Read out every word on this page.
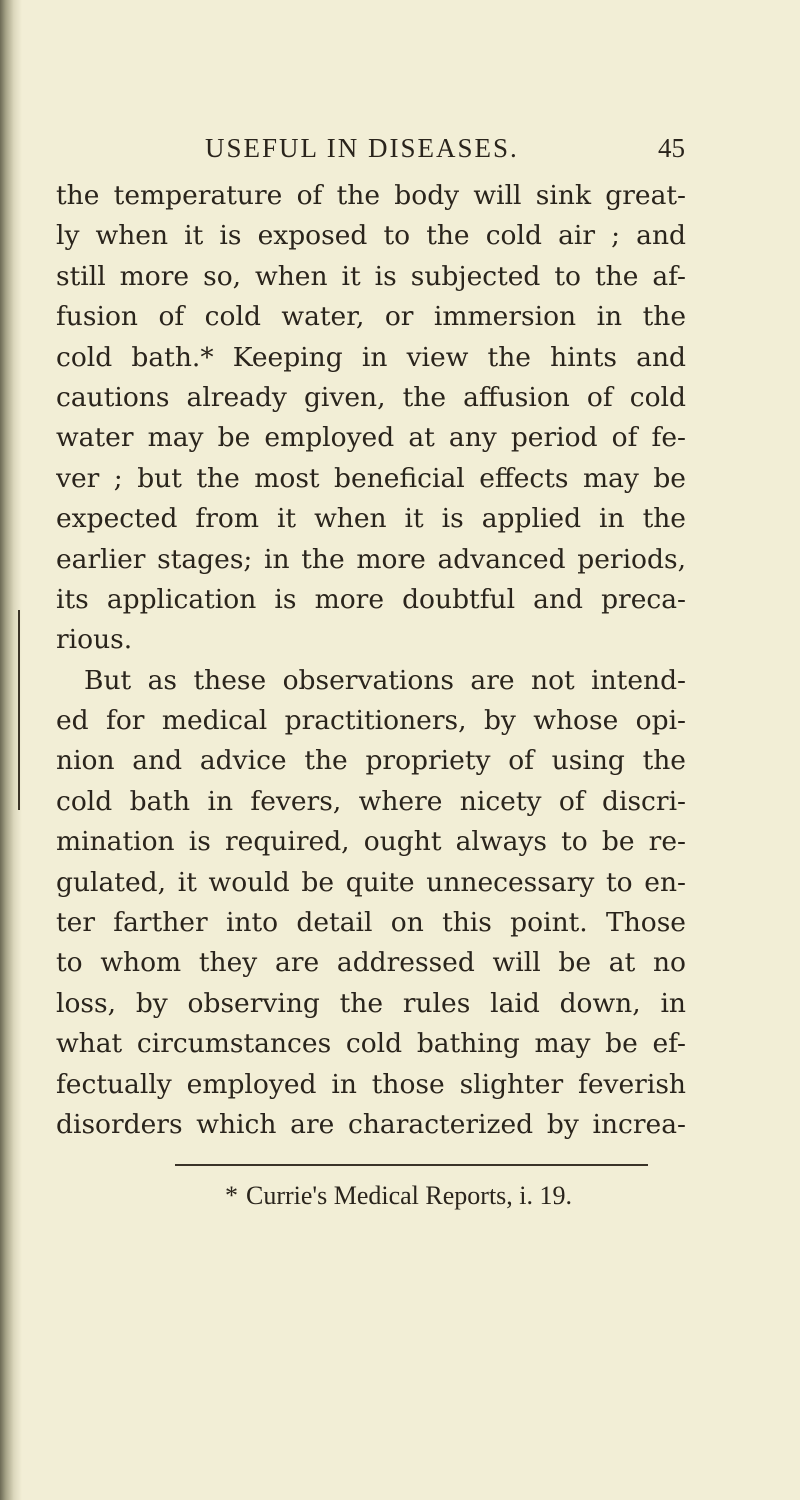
USEFUL IN DISEASES.	45
the temperature of the body will sink great-
ly when it is exposed to the cold air ; and
still more so, when it is subjected to the af-
fusion of cold water, or immersion in the
cold bath.* Keeping in view the hints and
cautions already given, the affusion of cold
water may be employed at any period of fe-
ver ; but the most beneficial effects may be
expected from it when it is applied in the
earlier stages; in the more advanced periods,
its application is more doubtful and preca-
rious.
But as these observations are not intend-
ed for medical practitioners, by whose opi-
nion and advice the propriety of using the
cold bath in fevers, where nicety of discri-
mination is required, ought always to be re-
gulated, it would be quite unnecessary to en-
ter farther into detail on this point. Those
to whom they are addressed will be at no
loss, by observing the rules laid down, in
what circumstances cold bathing may be ef-
fectually employed in those slighter feverish
disorders which are characterized by increa-
* Currie's Medical Reports, i. 19.
